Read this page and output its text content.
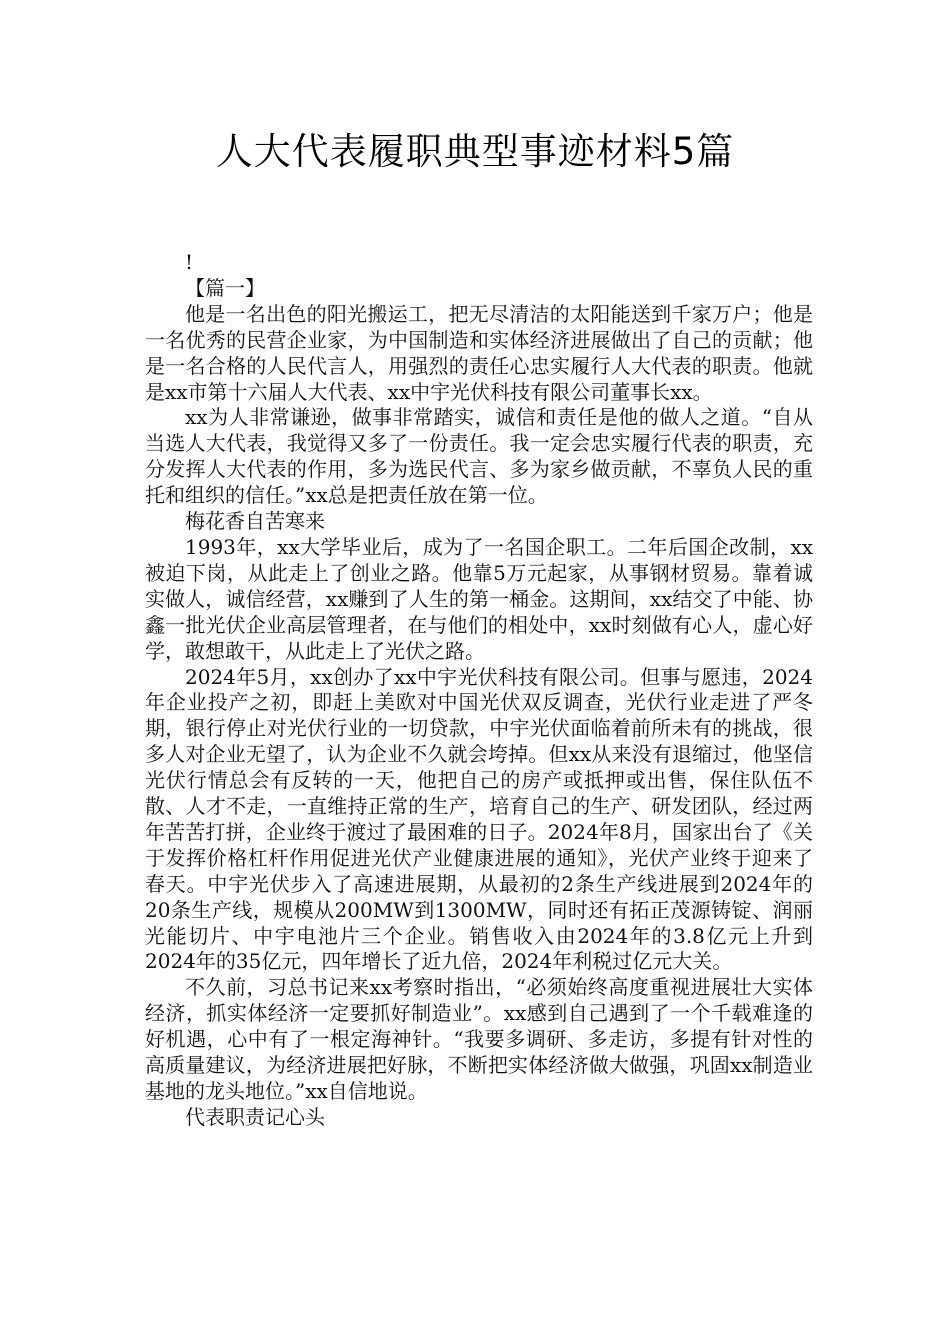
人大代表履职典型事迹材料5篇

!

【篇一】

他是一名出色的阳光搬运工，把无尽清洁的太阳能送到千家万户；他是一名优秀的民营企业家，为中国制造和实体经济进展做出了自己的贡献；他是一名合格的人民代言人，用强烈的责任心忠实履行人大代表的职责。他就是xx市第十六届人大代表、xx中宇光伏科技有限公司董事长xx。

xx为人非常谦逊，做事非常踏实，诚信和责任是他的做人之道。“自从当选人大代表，我觉得又多了一份责任。我一定会忠实履行代表的职责，充分发挥人大代表的作用，多为选民代言、多为家乡做贡献，不辜负人民的重托和组织的信任。”xx总是把责任放在第一位。

梅花香自苦寒来

1993年，xx大学毕业后，成为了一名国企职工。二年后国企改制，xx被迫下岗，从此走上了创业之路。他靠5万元起家，从事钢材贸易。靠着诚实做人，诚信经营，xx赚到了人生的第一桶金。这期间，xx结交了中能、协鑫一批光伏企业高层管理者，在与他们的相处中，xx时刻做有心人，虚心好学，敢想敢干，从此走上了光伏之路。

2024年5月，xx创办了xx中宇光伏科技有限公司。但事与愿违，2024年企业投产之初，即赶上美欧对中国光伏双反调查，光伏行业走进了严冬期，银行停止对光伏行业的一切贷款，中宇光伏面临着前所未有的挑战，很多人对企业无望了，认为企业不久就会垮掉。但xx从来没有退缩过，他坚信光伏行情总会有反转的一天，他把自己的房产或抵押或出售，保住队伍不散、人才不走，一直维持正常的生产，培育自己的生产、研发团队，经过两年苦苦打拼，企业终于渡过了最困难的日子。2024年8月，国家出台了《关于发挥价格杠杆作用促进光伏产业健康进展的通知》，光伏产业终于迎来了春天。中宇光伏步入了高速进展期，从最初的2条生产线进展到2024年的20条生产线，规模从200MW到1300MW，同时还有拓正茂源铸锭、润丽光能切片、中宇电池片三个企业。销售收入由2024年的3.8亿元上升到2024年的35亿元，四年增长了近九倍，2024年利税过亿元大关。

不久前，习总书记来xx考察时指出，“必须始终高度重视进展壮大实体经济，抓实体经济一定要抓好制造业”。xx感到自己遇到了一个千载难逢的好机遇，心中有了一根定海神针。“我要多调研、多走访，多提有针对性的高质量建议，为经济进展把好脉，不断把实体经济做大做强，巩固xx制造业基地的龙头地位。”xx自信地说。

代表职责记心头
